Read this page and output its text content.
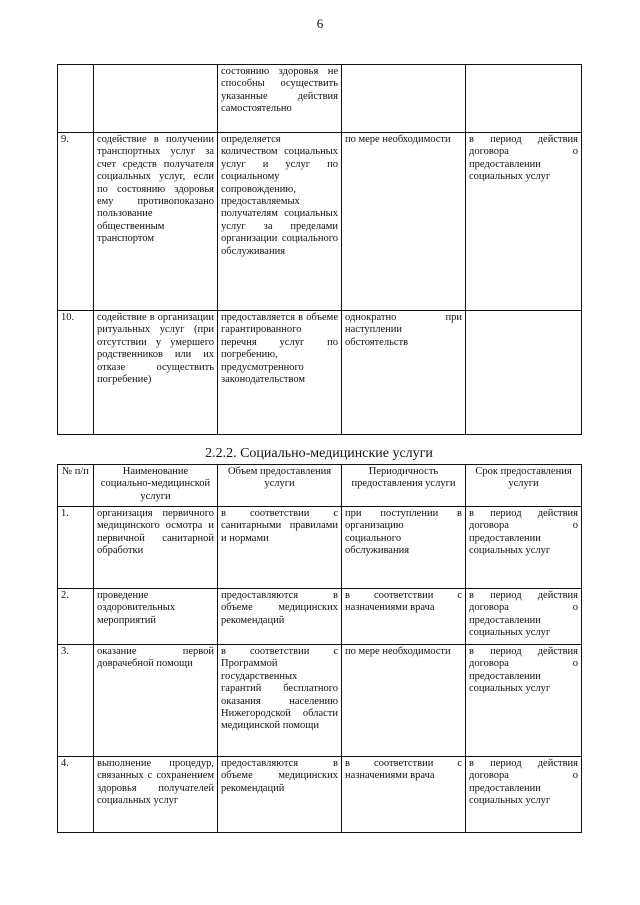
6
		состоянию здоровья не способны осуществить указанные действия самостоятельно		
9.	содействие в получении транспортных услуг за счет средств получателя социальных услуг, если по состоянию здоровья ему противопоказано пользование общественным транспортом	определяется количеством социальных услуг и услуг по социальному сопровождению, предоставляемых получателям социальных услуг за пределами организации социального обслуживания	по мере необходимости	в период действия договора о предоставлении социальных услуг
10.	содействие в организации ритуальных услуг (при отсутствии у умершего родственников или их отказе осуществить погребение)	предоставляется в объеме гарантированного перечня услуг по погребению, предусмотренного законодательством	однократно при наступлении обстоятельств	
2.2.2. Социально-медицинские услуги
№ п/п	Наименование социально-медицинской услуги	Объем предоставления услуги	Периодичность предоставления услуги	Срок предоставления услуги
1.	организация первичного медицинского осмотра и первичной санитарной обработки	в соответствии с санитарными правилами и нормами	при поступлении в организацию социального обслуживания	в период действия договора о предоставлении социальных услуг
2.	проведение оздоровительных мероприятий	предоставляются в объеме медицинских рекомендаций	в соответствии с назначениями врача	в период действия договора о предоставлении социальных услуг
3.	оказание первой доврачебной помощи	в соответствии с Программой государственных гарантий бесплатного оказания населению Нижегородской области медицинской помощи	по мере необходимости	в период действия договора о предоставлении социальных услуг
4.	выполнение процедур, связанных с сохранением здоровья получателей социальных услуг	предоставляются в объеме медицинских рекомендаций	в соответствии с назначениями врача	в период действия договора о предоставлении социальных услуг
